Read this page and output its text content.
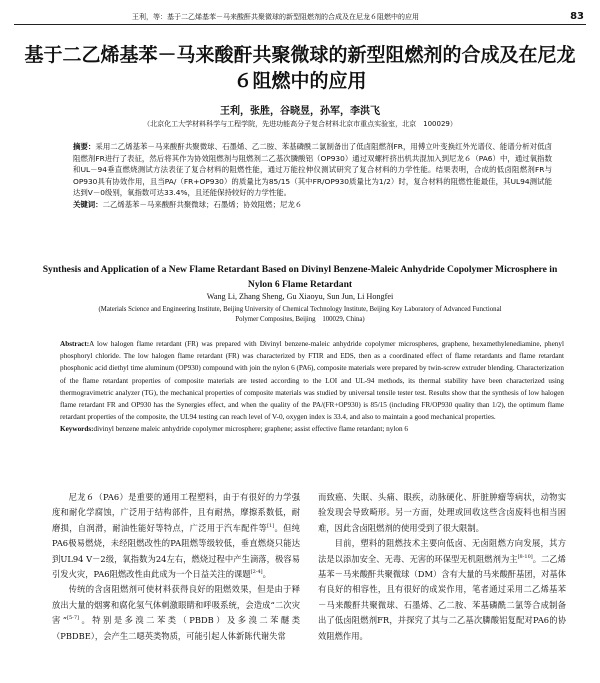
王利，等：基于二乙烯基苯－马来酸酐共聚微球的新型阻燃剂的合成及在尼龙６阻燃中的应用	83
基于二乙烯基苯－马来酸酐共聚微球的新型阻燃剂的合成及在尼龙６阻燃中的应用
王利，张胜，谷晓昱，孙军，李洪飞
（北京化工大学材料科学与工程学院，先进功能高分子复合材料北京市重点实验室，北京　100029）
摘要：采用二乙烯基苯－马来酸酐共聚微球、石墨烯、乙二胺、苯基磷酰二氯制备出了低卤阻燃剂FR，用傅立叶变换红外光谱仪、能谱分析对低卤阻燃剂FR进行了表征，然后将其作为协效阻燃剂与阻燃剂二乙基次膦酸铝（OP930）通过双螺杆挤出机共混加入到尼龙６（PA6）中，通过氧指数和UL－94垂直燃烧测试方法表征了复合材料的阻燃性能，通过万能拉伸仪测试研究了复合材料的力学性能。结果表明，合成的低卤阻燃剂FR与OP930具有协效作用，且当PA/（FR+OP930）的质量比为85/15（其中FR/OP930质量比为1/2）时，复合材料的阻燃性能最佳，其UL94测试能达到V－0级别，氧指数可达33.4%，且还能保持较好的力学性能。
关键词：二乙烯基苯－马来酸酐共聚微球；石墨烯；协效阻燃；尼龙６
Synthesis and Application of a New Flame Retardant Based on Divinyl Benzene-Maleic Anhydride Copolymer Microsphere in Nylon 6 Flame Retardant
Wang Li, Zhang Sheng, Gu Xiaoyu, Sun Jun, Li Hongfei
(Materials Science and Engineering Institute, Beijing University of Chemical Technology Institute, Beijing Key Laboratory of Advanced Functional Polymer Composites, Beijing　100029, China)
Abstract:A low halogen flame retardant (FR) was prepared with Divinyl benzene-maleic anhydride copolymer microspheres, graphene, hexamethylenediamine, phenyl phosphoryl chloride. The low halogen flame retardant (FR) was characterized by FTIR and EDS, then as a coordinated effect of flame retardants and flame retardant phosphonic acid diethyl time aluminum (OP930) compound with join the nylon 6 (PA6), composite materials were prepared by twin-screw extruder blending. Characterization of the flame retardant properties of composite materials are tested according to the LOI and UL-94 methods, its thermal stability have been characterized using thermogravimetric analyzer (TG), the mechanical properties of composite materials was studied by universal tensile tester test. Results show that the synthesis of low halogen flame retardant FR and OP930 has the Synergies effect, and when the quality of the PA/(FR+OP930) is 85/15 (including FR/OP930 quality than 1/2), the optimum flame retardant properties of the composite, the UL94 testing can reach level of V-0, oxygen index is 33.4, and also to maintain a good mechanical properties.
Keywords:divinyl benzene maleic anhydride copolymer microsphere; graphene; assist effective flame retardant; nylon 6

尼龙６（PA6）是重要的通用工程塑料，由于有很好的力学强度和耐化学腐蚀，广泛用于结构部件，且有耐热，摩擦系数低，耐磨损，自润滑，耐油性能好等特点，广泛用于汽车配件等[1]。但纯PA6极易燃烧，未经阻燃改性的PA阻燃等级较低，垂直燃烧只能达到UL94 V－2级，氧指数为24左右，燃烧过程中产生滴落，极容易引发火灾，PA6阻燃改性由此成为一个日益关注的课题[2-4]。

传统的含卤阻燃剂可使材料获得良好的阻燃效果，但是由于释放出大量的烟雾和腐化氢气体刺激眼睛和呼吸系统，会造成“二次灾害”[5-7]。特别是多溴二苯类（PBDB）及多溴二苯醚类（PBDBE），会产生二噁英类物质，可能引起人体新陈代谢失常

而致癌、失眠、头痛、眼疾，动脉硬化、肝脏肿瘤等病状，动物实验发现会导致畸形。另一方面，处理或回收这些含卤废料也相当困难，因此含卤阻燃剂的使用受到了很大限制。

目前，塑料的阻燃技术主要向低卤、无卤阻燃方向发展，其方法是以添加安全、无毒、无害的环保型无机阻燃剂为主[8-10]。二乙烯基苯－马来酸酐共聚微球（DM）含有大量的马来酸酐基团，对基体有良好的相容性，且有很好的成炭作用，笔者通过采用二乙烯基苯－马来酸酐共聚微球、石墨烯、乙二胺、苯基磷酰二氯等合成制备出了低卤阻燃剂FR，并探究了其与二乙基次膦酸铝复配对PA6的协效阻燃作用。
